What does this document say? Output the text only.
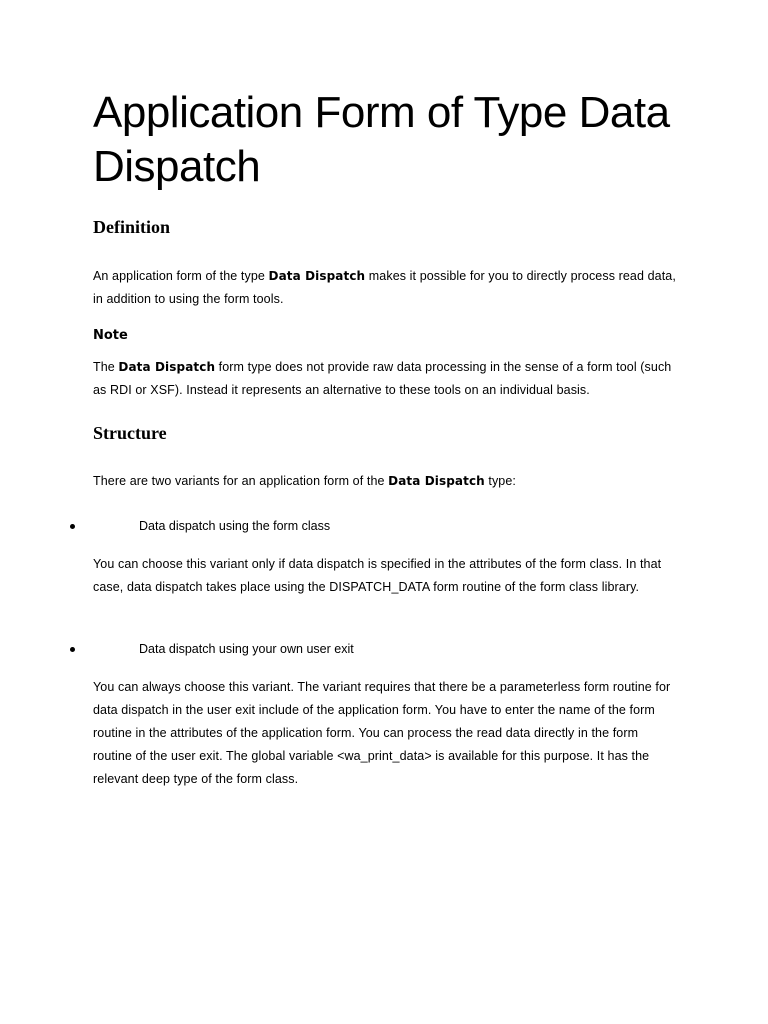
Application Form of Type Data Dispatch
Definition

An application form of the type Data Dispatch makes it possible for you to directly process read data, in addition to using the form tools.

Note

The Data Dispatch form type does not provide raw data processing in the sense of a form tool (such as RDI or XSF). Instead it represents an alternative to these tools on an individual basis.

Structure

There are two variants for an application form of the Data Dispatch type:

Data dispatch using the form class

You can choose this variant only if data dispatch is specified in the attributes of the form class. In that case, data dispatch takes place using the DISPATCH_DATA form routine of the form class library.

Data dispatch using your own user exit

You can always choose this variant. The variant requires that there be a parameterless form routine for data dispatch in the user exit include of the application form. You have to enter the name of the form routine in the attributes of the application form. You can process the read data directly in the form routine of the user exit. The global variable <wa_print_data> is available for this purpose. It has the relevant deep type of the form class.
